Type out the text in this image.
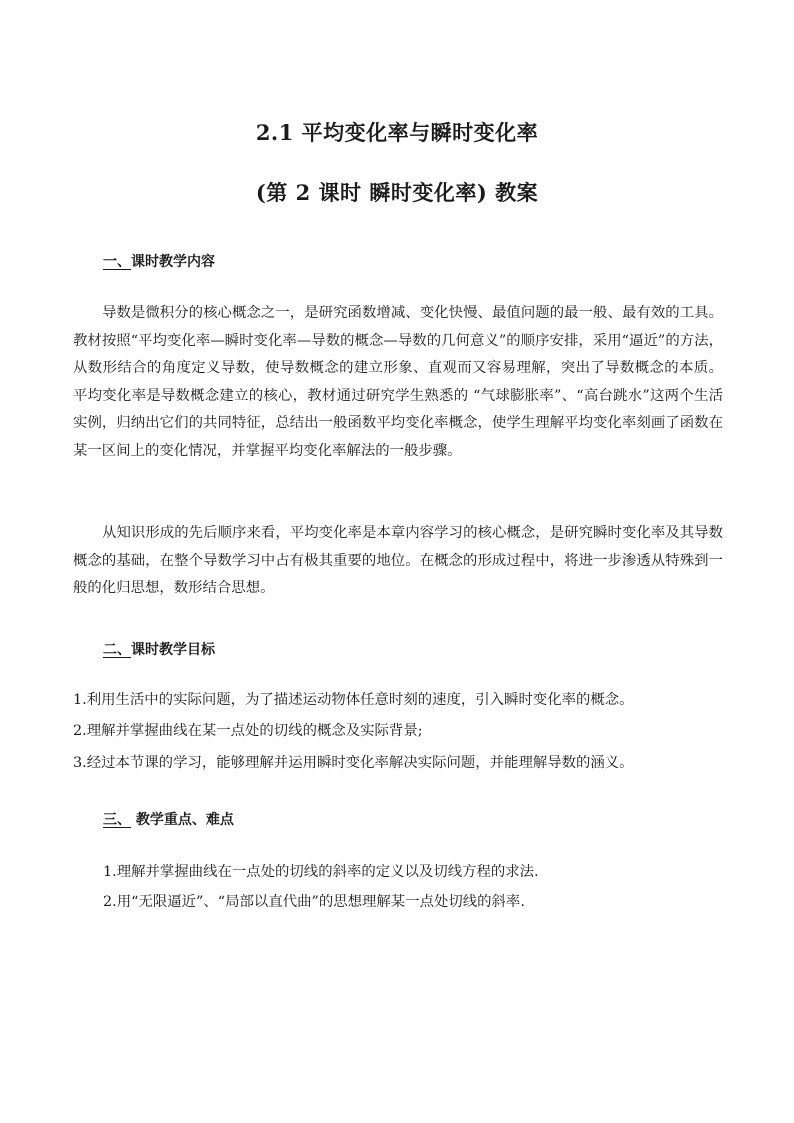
2.1 平均变化率与瞬时变化率
(第 2 课时 瞬时变化率) 教案
一、课时教学内容
导数是微积分的核心概念之一，是研究函数增减、变化快慢、最值问题的最一般、最有效的工具。教材按照“平均变化率—瞬时变化率—导数的概念—导数的几何意义”的顺序安排，采用“逼近”的方法，从数形结合的角度定义导数，使导数概念的建立形象、直观而又容易理解，突出了导数概念的本质。 平均变化率是导数概念建立的核心，教材通过研究学生熟悉的 “气球膨胀率”、“高台跳水”这两个生活实例，归纳出它们的共同特征，总结出一般函数平均变化率概念，使学生理解平均变化率刻画了函数在某一区间上的变化情况，并掌握平均变化率解法的一般步骤。
从知识形成的先后顺序来看，平均变化率是本章内容学习的核心概念，是研究瞬时变化率及其导数概念的基础，在整个导数学习中占有极其重要的地位。在概念的形成过程中，将进一步渗透从特殊到一般的化归思想，数形结合思想。
二、课时教学目标
1.利用生活中的实际问题，为了描述运动物体任意时刻的速度，引入瞬时变化率的概念。
2.理解并掌握曲线在某一点处的切线的概念及实际背景;
3.经过本节课的学习，能够理解并运用瞬时变化率解决实际问题，并能理解导数的涵义。
三、 教学重点、难点
1.理解并掌握曲线在一点处的切线的斜率的定义以及切线方程的求法.
2.用“无限逼近”、“局部以直代曲”的思想理解某一点处切线的斜率.
